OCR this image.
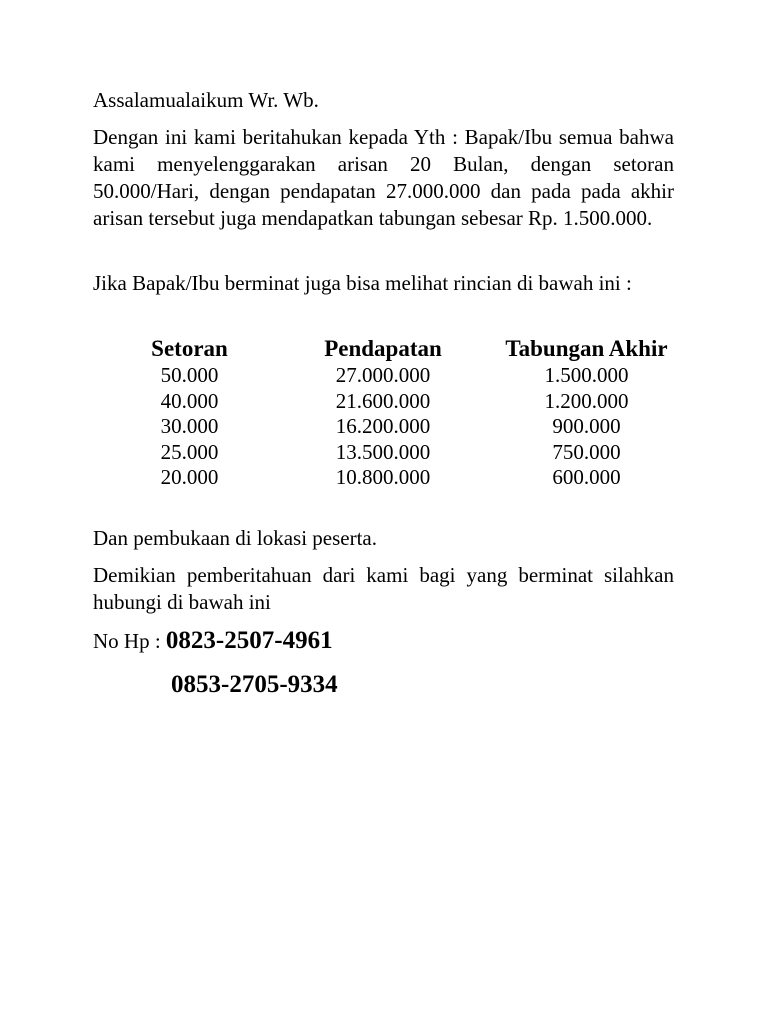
Assalamualaikum Wr. Wb.

Dengan ini kami beritahukan kepada Yth : Bapak/Ibu semua bahwa kami menyelenggarakan arisan 20 Bulan, dengan setoran 50.000/Hari, dengan pendapatan 27.000.000 dan pada pada akhir arisan tersebut juga mendapatkan tabungan sebesar Rp. 1.500.000.

Jika Bapak/Ibu berminat juga bisa melihat rincian di bawah ini :

Setoran	Pendapatan	Tabungan Akhir
50.000	27.000.000	1.500.000
40.000	21.600.000	1.200.000
30.000	16.200.000	900.000
25.000	13.500.000	750.000
20.000	10.800.000	600.000

Dan pembukaan di lokasi peserta.

Demikian pemberitahuan dari kami bagi yang berminat silahkan hubungi di bawah ini

No Hp : 0823-2507-4961
0853-2705-9334
